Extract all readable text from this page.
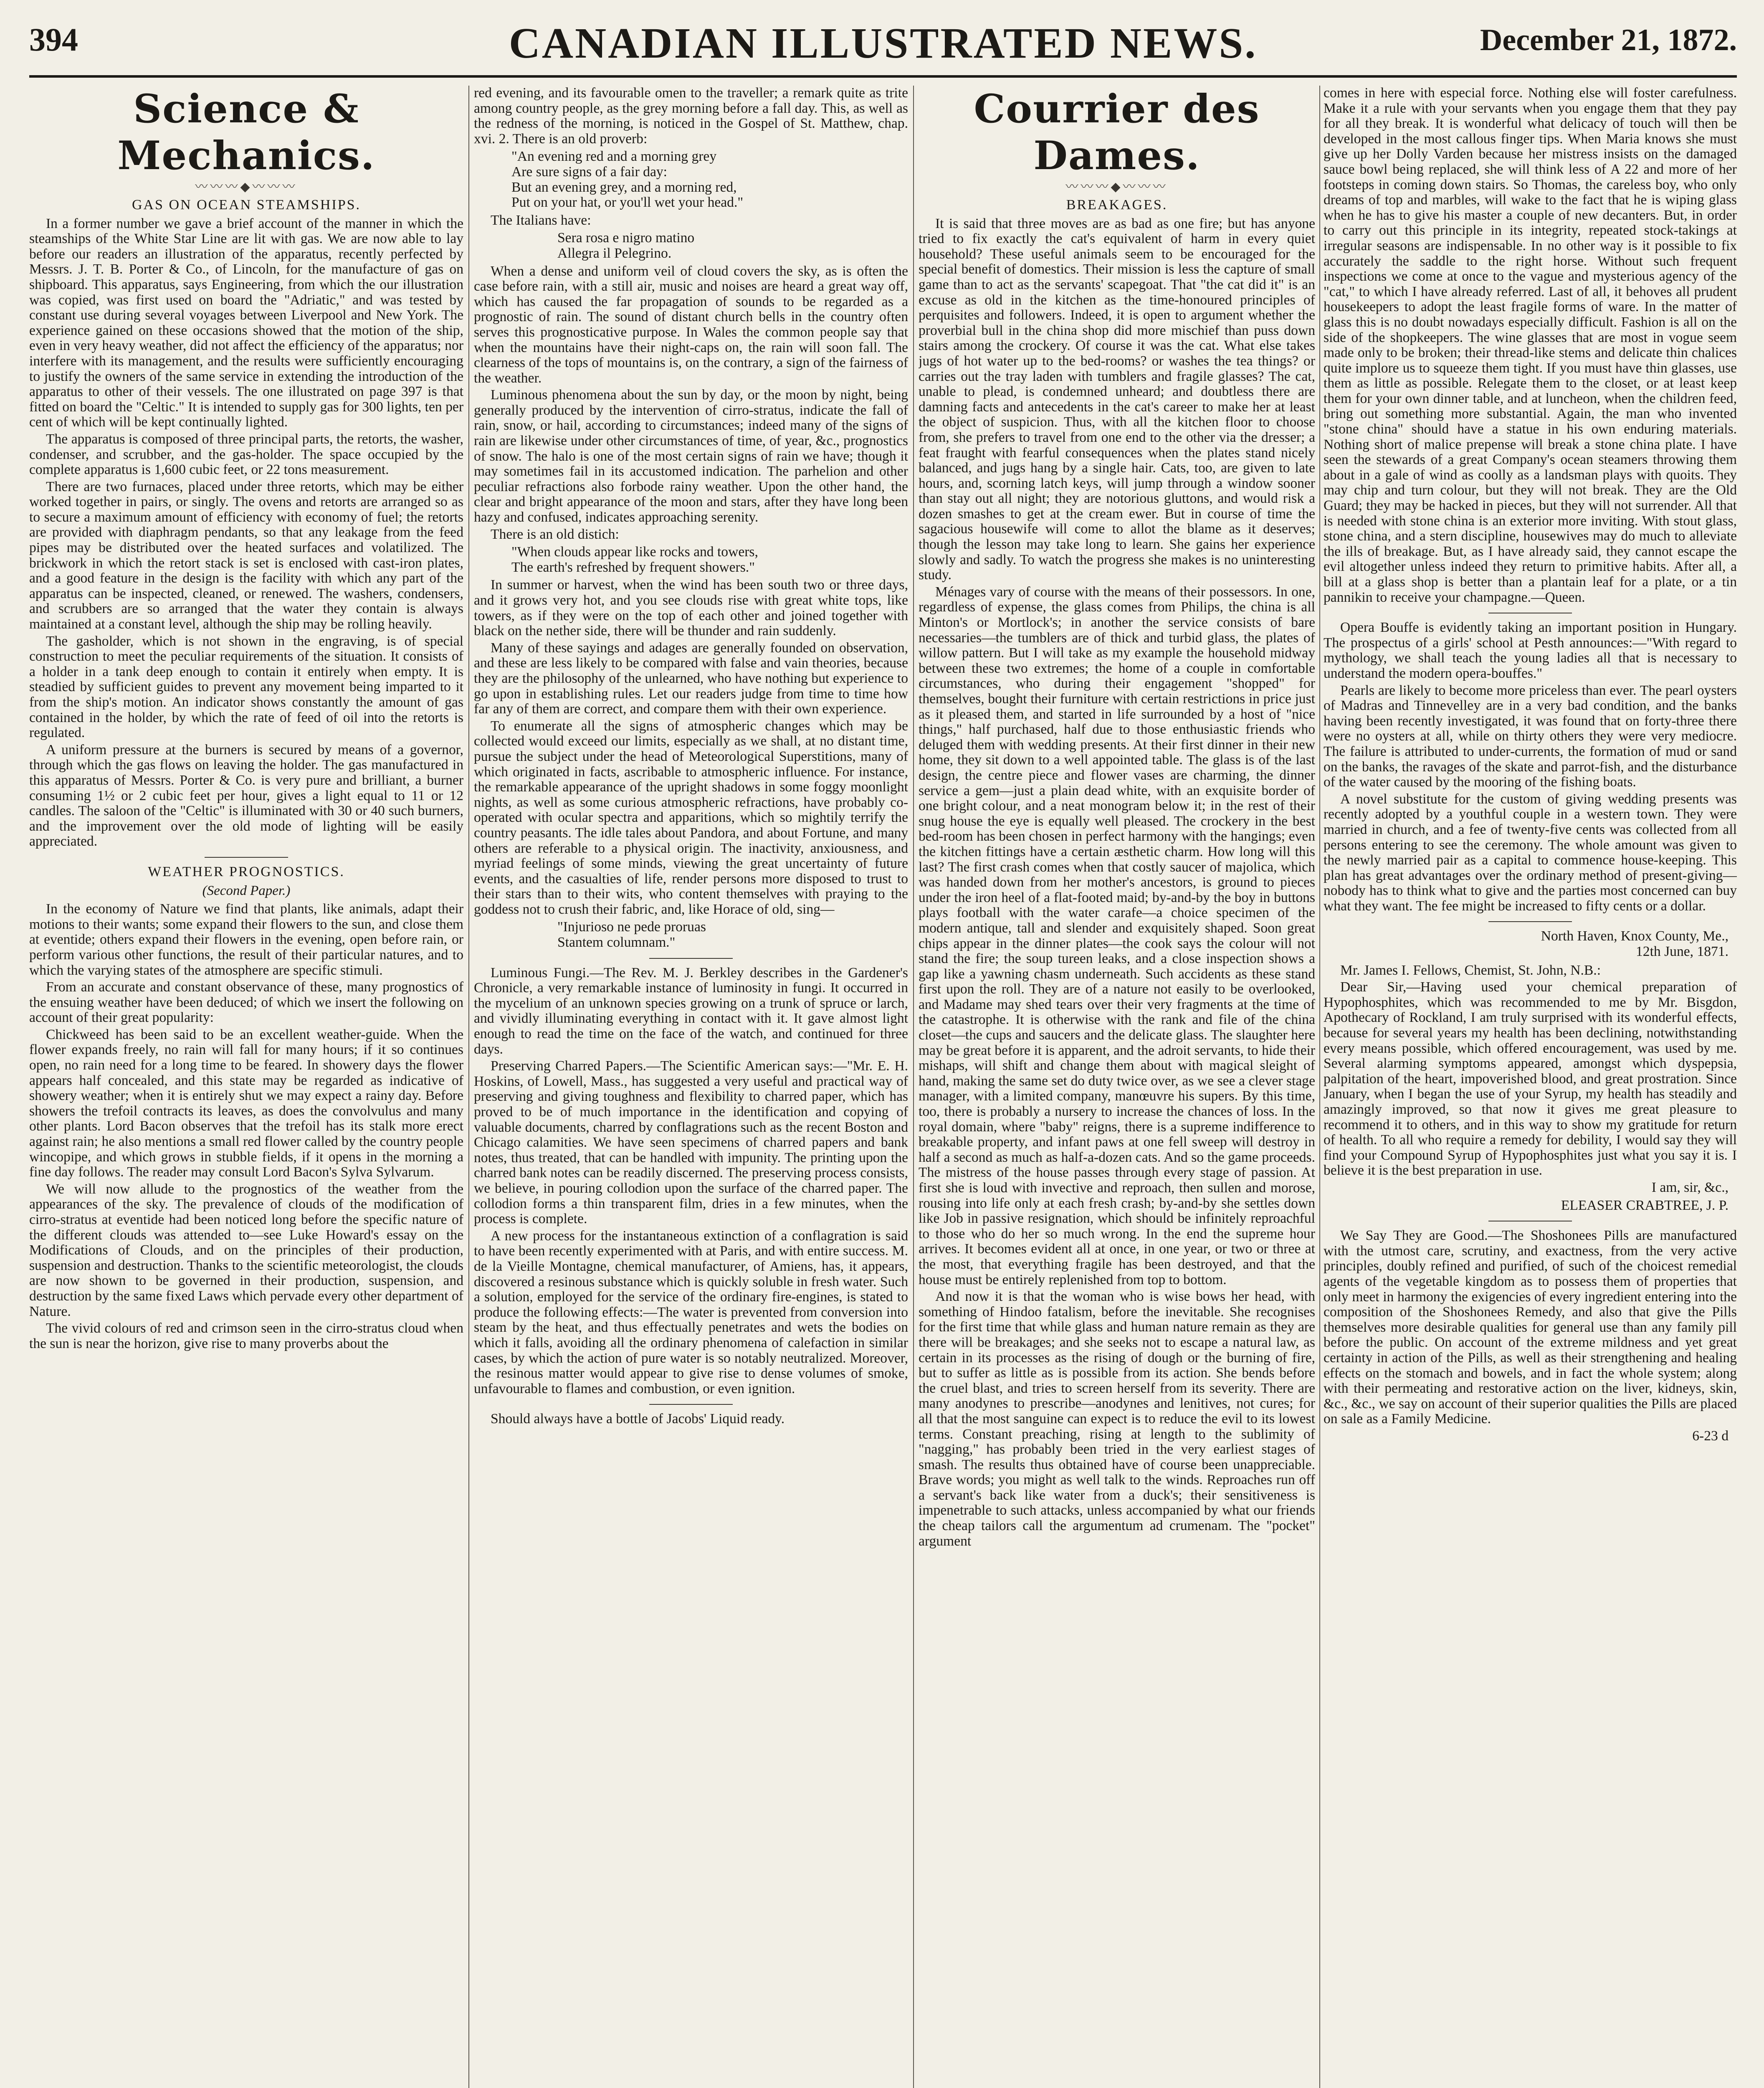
394	CANADIAN ILLUSTRATED NEWS.	December 21, 1872.
Science & Mechanics.
〰〰〰◆〰〰〰
GAS ON OCEAN STEAMSHIPS.

In a former number we gave a brief account of the manner in which the steamships of the White Star Line are lit with gas. We are now able to lay before our readers an illustration of the apparatus, recently perfected by Messrs. J. T. B. Porter & Co., of Lincoln, for the manufacture of gas on shipboard. This apparatus, says Engineering, from which the our illustration was copied, was first used on board the "Adriatic," and was tested by constant use during several voyages between Liverpool and New York. The experience gained on these occasions showed that the motion of the ship, even in very heavy weather, did not affect the efficiency of the apparatus; nor interfere with its management, and the results were sufficiently encouraging to justify the owners of the same service in extending the introduction of the apparatus to other of their vessels. The one illustrated on page 397 is that fitted on board the "Celtic." It is intended to supply gas for 300 lights, ten per cent of which will be kept continually lighted.

The apparatus is composed of three principal parts, the retorts, the washer, condenser, and scrubber, and the gas-holder. The space occupied by the complete apparatus is 1,600 cubic feet, or 22 tons measurement.

There are two furnaces, placed under three retorts, which may be either worked together in pairs, or singly. The ovens and retorts are arranged so as to secure a maximum amount of efficiency with economy of fuel; the retorts are provided with diaphragm pendants, so that any leakage from the feed pipes may be distributed over the heated surfaces and volatilized. The brickwork in which the retort stack is set is enclosed with cast-iron plates, and a good feature in the design is the facility with which any part of the apparatus can be inspected, cleaned, or renewed. The washers, condensers, and scrubbers are so arranged that the water they contain is always maintained at a constant level, although the ship may be rolling heavily.

The gasholder, which is not shown in the engraving, is of special construction to meet the peculiar requirements of the situation. It consists of a holder in a tank deep enough to contain it entirely when empty. It is steadied by sufficient guides to prevent any movement being imparted to it from the ship's motion. An indicator shows constantly the amount of gas contained in the holder, by which the rate of feed of oil into the retorts is regulated.

A uniform pressure at the burners is secured by means of a governor, through which the gas flows on leaving the holder. The gas manufactured in this apparatus of Messrs. Porter & Co. is very pure and brilliant, a burner consuming 1½ or 2 cubic feet per hour, gives a light equal to 11 or 12 candles. The saloon of the "Celtic" is illuminated with 30 or 40 such burners, and the improvement over the old mode of lighting will be easily appreciated.

WEATHER PROGNOSTICS.
(Second Paper.)

In the economy of Nature we find that plants, like animals, adapt their motions to their wants; some expand their flowers to the sun, and close them at eventide; others expand their flowers in the evening, open before rain, or perform various other functions, the result of their particular natures, and to which the varying states of the atmosphere are specific stimuli.

From an accurate and constant observance of these, many prognostics of the ensuing weather have been deduced; of which we insert the following on account of their great popularity:

Chickweed has been said to be an excellent weather-guide. When the flower expands freely, no rain will fall for many hours; if it so continues open, no rain need for a long time to be feared. In showery days the flower appears half concealed, and this state may be regarded as indicative of showery weather; when it is entirely shut we may expect a rainy day. Before showers the trefoil contracts its leaves, as does the convolvulus and many other plants. Lord Bacon observes that the trefoil has its stalk more erect against rain; he also mentions a small red flower called by the country people wincopipe, and which grows in stubble fields, if it opens in the morning a fine day follows. The reader may consult Lord Bacon's Sylva Sylvarum.

We will now allude to the prognostics of the weather from the appearances of the sky. The prevalence of clouds of the modification of cirro-stratus at eventide had been noticed long before the specific nature of the different clouds was attended to—see Luke Howard's essay on the Modifications of Clouds, and on the principles of their production, suspension and destruction. Thanks to the scientific meteorologist, the clouds are now shown to be governed in their production, suspension, and destruction by the same fixed Laws which pervade every other department of Nature.

The vivid colours of red and crimson seen in the cirro-stratus cloud when the sun is near the horizon, give rise to many proverbs about the

red evening, and its favourable omen to the traveller; a remark quite as trite among country people, as the grey morning before a fall day. This, as well as the redness of the morning, is noticed in the Gospel of St. Matthew, chap. xvi. 2. There is an old proverb:

"An evening red and a morning grey
Are sure signs of a fair day:
But an evening grey, and a morning red,
Put on your hat, or you'll wet your head."

The Italians have:

Sera rosa e nigro matino
Allegra il Pelegrino.

When a dense and uniform veil of cloud covers the sky, as is often the case before rain, with a still air, music and noises are heard a great way off, which has caused the far propagation of sounds to be regarded as a prognostic of rain. The sound of distant church bells in the country often serves this prognosticative purpose. In Wales the common people say that when the mountains have their night-caps on, the rain will soon fall. The clearness of the tops of mountains is, on the contrary, a sign of the fairness of the weather.

Luminous phenomena about the sun by day, or the moon by night, being generally produced by the intervention of cirro-stratus, indicate the fall of rain, snow, or hail, according to circumstances; indeed many of the signs of rain are likewise under other circumstances of time, of year, &c., prognostics of snow. The halo is one of the most certain signs of rain we have; though it may sometimes fail in its accustomed indication. The parhelion and other peculiar refractions also forbode rainy weather. Upon the other hand, the clear and bright appearance of the moon and stars, after they have long been hazy and confused, indicates approaching serenity.

There is an old distich:

"When clouds appear like rocks and towers,
The earth's refreshed by frequent showers."

In summer or harvest, when the wind has been south two or three days, and it grows very hot, and you see clouds rise with great white tops, like towers, as if they were on the top of each other and joined together with black on the nether side, there will be thunder and rain suddenly.

Many of these sayings and adages are generally founded on observation, and these are less likely to be compared with false and vain theories, because they are the philosophy of the unlearned, who have nothing but experience to go upon in establishing rules. Let our readers judge from time to time how far any of them are correct, and compare them with their own experience.

To enumerate all the signs of atmospheric changes which may be collected would exceed our limits, especially as we shall, at no distant time, pursue the subject under the head of Meteorological Superstitions, many of which originated in facts, ascribable to atmospheric influence. For instance, the remarkable appearance of the upright shadows in some foggy moonlight nights, as well as some curious atmospheric refractions, have probably co-operated with ocular spectra and apparitions, which so mightily terrify the country peasants. The idle tales about Pandora, and about Fortune, and many others are referable to a physical origin. The inactivity, anxiousness, and myriad feelings of some minds, viewing the great uncertainty of future events, and the casualties of life, render persons more disposed to trust to their stars than to their wits, who content themselves with praying to the goddess not to crush their fabric, and, like Horace of old, sing—

"Injurioso ne pede proruas
Stantem columnam."

Luminous Fungi.—The Rev. M. J. Berkley describes in the Gardener's Chronicle, a very remarkable instance of luminosity in fungi. It occurred in the mycelium of an unknown species growing on a trunk of spruce or larch, and vividly illuminating everything in contact with it. It gave almost light enough to read the time on the face of the watch, and continued for three days.

Preserving Charred Papers.—The Scientific American says:—"Mr. E. H. Hoskins, of Lowell, Mass., has suggested a very useful and practical way of preserving and giving toughness and flexibility to charred paper, which has proved to be of much importance in the identification and copying of valuable documents, charred by conflagrations such as the recent Boston and Chicago calamities. We have seen specimens of charred papers and bank notes, thus treated, that can be handled with impunity. The printing upon the charred bank notes can be readily discerned. The preserving process consists, we believe, in pouring collodion upon the surface of the charred paper. The collodion forms a thin transparent film, dries in a few minutes, when the process is complete.

A new process for the instantaneous extinction of a conflagration is said to have been recently experimented with at Paris, and with entire success. M. de la Vieille Montagne, chemical manufacturer, of Amiens, has, it appears, discovered a resinous substance which is quickly soluble in fresh water. Such a solution, employed for the service of the ordinary fire-engines, is stated to produce the following effects:—The water is prevented from conversion into steam by the heat, and thus effectually penetrates and wets the bodies on which it falls, avoiding all the ordinary phenomena of calefaction in similar cases, by which the action of pure water is so notably neutralized. Moreover, the resinous matter would appear to give rise to dense volumes of smoke, unfavourable to flames and combustion, or even ignition.

Should always have a bottle of Jacobs' Liquid ready.

Courrier des Dames.
〰〰〰◆〰〰〰
BREAKAGES.

It is said that three moves are as bad as one fire; but has anyone tried to fix exactly the cat's equivalent of harm in every quiet household? These useful animals seem to be encouraged for the special benefit of domestics. Their mission is less the capture of small game than to act as the servants' scapegoat. That "the cat did it" is an excuse as old in the kitchen as the time-honoured principles of perquisites and followers. Indeed, it is open to argument whether the proverbial bull in the china shop did more mischief than puss down stairs among the crockery. Of course it was the cat. What else takes jugs of hot water up to the bed-rooms? or washes the tea things? or carries out the tray laden with tumblers and fragile glasses? The cat, unable to plead, is condemned unheard; and doubtless there are damning facts and antecedents in the cat's career to make her at least the object of suspicion. Thus, with all the kitchen floor to choose from, she prefers to travel from one end to the other via the dresser; a feat fraught with fearful consequences when the plates stand nicely balanced, and jugs hang by a single hair. Cats, too, are given to late hours, and, scorning latch keys, will jump through a window sooner than stay out all night; they are notorious gluttons, and would risk a dozen smashes to get at the cream ewer. But in course of time the sagacious housewife will come to allot the blame as it deserves; though the lesson may take long to learn. She gains her experience slowly and sadly. To watch the progress she makes is no uninteresting study.

Ménages vary of course with the means of their possessors. In one, regardless of expense, the glass comes from Philips, the china is all Minton's or Mortlock's; in another the service consists of bare necessaries—the tumblers are of thick and turbid glass, the plates of willow pattern. But I will take as my example the household midway between these two extremes; the home of a couple in comfortable circumstances, who during their engagement "shopped" for themselves, bought their furniture with certain restrictions in price just as it pleased them, and started in life surrounded by a host of "nice things," half purchased, half due to those enthusiastic friends who deluged them with wedding presents. At their first dinner in their new home, they sit down to a well appointed table. The glass is of the last design, the centre piece and flower vases are charming, the dinner service a gem—just a plain dead white, with an exquisite border of one bright colour, and a neat monogram below it; in the rest of their snug house the eye is equally well pleased. The crockery in the best bed-room has been chosen in perfect harmony with the hangings; even the kitchen fittings have a certain æsthetic charm. How long will this last? The first crash comes when that costly saucer of majolica, which was handed down from her mother's ancestors, is ground to pieces under the iron heel of a flat-footed maid; by-and-by the boy in buttons plays football with the water carafe—a choice specimen of the modern antique, tall and slender and exquisitely shaped. Soon great chips appear in the dinner plates—the cook says the colour will not stand the fire; the soup tureen leaks, and a close inspection shows a gap like a yawning chasm underneath. Such accidents as these stand first upon the roll. They are of a nature not easily to be overlooked, and Madame may shed tears over their very fragments at the time of the catastrophe. It is otherwise with the rank and file of the china closet—the cups and saucers and the delicate glass. The slaughter here may be great before it is apparent, and the adroit servants, to hide their mishaps, will shift and change them about with magical sleight of hand, making the same set do duty twice over, as we see a clever stage manager, with a limited company, manœuvre his supers. By this time, too, there is probably a nursery to increase the chances of loss. In the royal domain, where "baby" reigns, there is a supreme indifference to breakable property, and infant paws at one fell sweep will destroy in half a second as much as half-a-dozen cats. And so the game proceeds. The mistress of the house passes through every stage of passion. At first she is loud with invective and reproach, then sullen and morose, rousing into life only at each fresh crash; by-and-by she settles down like Job in passive resignation, which should be infinitely reproachful to those who do her so much wrong. In the end the supreme hour arrives. It becomes evident all at once, in one year, or two or three at the most, that everything fragile has been destroyed, and that the house must be entirely replenished from top to bottom.

And now it is that the woman who is wise bows her head, with something of Hindoo fatalism, before the inevitable. She recognises for the first time that while glass and human nature remain as they are there will be breakages; and she seeks not to escape a natural law, as certain in its processes as the rising of dough or the burning of fire, but to suffer as little as is possible from its action. She bends before the cruel blast, and tries to screen herself from its severity. There are many anodynes to prescribe—anodynes and lenitives, not cures; for all that the most sanguine can expect is to reduce the evil to its lowest terms. Constant preaching, rising at length to the sublimity of "nagging," has probably been tried in the very earliest stages of smash. The results thus obtained have of course been unappreciable. Brave words; you might as well talk to the winds. Reproaches run off a servant's back like water from a duck's; their sensitiveness is impenetrable to such attacks, unless accompanied by what our friends the cheap tailors call the argumentum ad crumenam. The "pocket" argument

comes in here with especial force. Nothing else will foster carefulness. Make it a rule with your servants when you engage them that they pay for all they break. It is wonderful what delicacy of touch will then be developed in the most callous finger tips. When Maria knows she must give up her Dolly Varden because her mistress insists on the damaged sauce bowl being replaced, she will think less of A 22 and more of her footsteps in coming down stairs. So Thomas, the careless boy, who only dreams of top and marbles, will wake to the fact that he is wiping glass when he has to give his master a couple of new decanters. But, in order to carry out this principle in its integrity, repeated stock-takings at irregular seasons are indispensable. In no other way is it possible to fix accurately the saddle to the right horse. Without such frequent inspections we come at once to the vague and mysterious agency of the "cat," to which I have already referred. Last of all, it behoves all prudent housekeepers to adopt the least fragile forms of ware. In the matter of glass this is no doubt nowadays especially difficult. Fashion is all on the side of the shopkeepers. The wine glasses that are most in vogue seem made only to be broken; their thread-like stems and delicate thin chalices quite implore us to squeeze them tight. If you must have thin glasses, use them as little as possible. Relegate them to the closet, or at least keep them for your own dinner table, and at luncheon, when the children feed, bring out something more substantial. Again, the man who invented "stone china" should have a statue in his own enduring materials. Nothing short of malice prepense will break a stone china plate. I have seen the stewards of a great Company's ocean steamers throwing them about in a gale of wind as coolly as a landsman plays with quoits. They may chip and turn colour, but they will not break. They are the Old Guard; they may be hacked in pieces, but they will not surrender. All that is needed with stone china is an exterior more inviting. With stout glass, stone china, and a stern discipline, housewives may do much to alleviate the ills of breakage. But, as I have already said, they cannot escape the evil altogether unless indeed they return to primitive habits. After all, a bill at a glass shop is better than a plantain leaf for a plate, or a tin pannikin to receive your champagne.—Queen.

Opera Bouffe is evidently taking an important position in Hungary. The prospectus of a girls' school at Pesth announces:—"With regard to mythology, we shall teach the young ladies all that is necessary to understand the modern opera-bouffes."

Pearls are likely to become more priceless than ever. The pearl oysters of Madras and Tinnevelley are in a very bad condition, and the banks having been recently investigated, it was found that on forty-three there were no oysters at all, while on thirty others they were very mediocre. The failure is attributed to under-currents, the formation of mud or sand on the banks, the ravages of the skate and parrot-fish, and the disturbance of the water caused by the mooring of the fishing boats.

A novel substitute for the custom of giving wedding presents was recently adopted by a youthful couple in a western town. They were married in church, and a fee of twenty-five cents was collected from all persons entering to see the ceremony. The whole amount was given to the newly married pair as a capital to commence house-keeping. This plan has great advantages over the ordinary method of present-giving—nobody has to think what to give and the parties most concerned can buy what they want. The fee might be increased to fifty cents or a dollar.

North Haven, Knox County, Me.,
12th June, 1871.

Mr. James I. Fellows, Chemist, St. John, N.B.:

Dear Sir,—Having used your chemical preparation of Hypophosphites, which was recommended to me by Mr. Bisgdon, Apothecary of Rockland, I am truly surprised with its wonderful effects, because for several years my health has been declining, notwithstanding every means possible, which offered encouragement, was used by me. Several alarming symptoms appeared, amongst which dyspepsia, palpitation of the heart, impoverished blood, and great prostration. Since January, when I began the use of your Syrup, my health has steadily and amazingly improved, so that now it gives me great pleasure to recommend it to others, and in this way to show my gratitude for return of health. To all who require a remedy for debility, I would say they will find your Compound Syrup of Hypophosphites just what you say it is. I believe it is the best preparation in use.

I am, sir, &c.,
ELEASER CRABTREE, J. P.

We Say They are Good.—The Shoshonees Pills are manufactured with the utmost care, scrutiny, and exactness, from the very active principles, doubly refined and purified, of such of the choicest remedial agents of the vegetable kingdom as to possess them of properties that only meet in harmony the exigencies of every ingredient entering into the composition of the Shoshonees Remedy, and also that give the Pills themselves more desirable qualities for general use than any family pill before the public. On account of the extreme mildness and yet great certainty in action of the Pills, as well as their strengthening and healing effects on the stomach and bowels, and in fact the whole system; along with their permeating and restorative action on the liver, kidneys, skin, &c., &c., we say on account of their superior qualities the Pills are placed on sale as a Family Medicine.

6-23 d
